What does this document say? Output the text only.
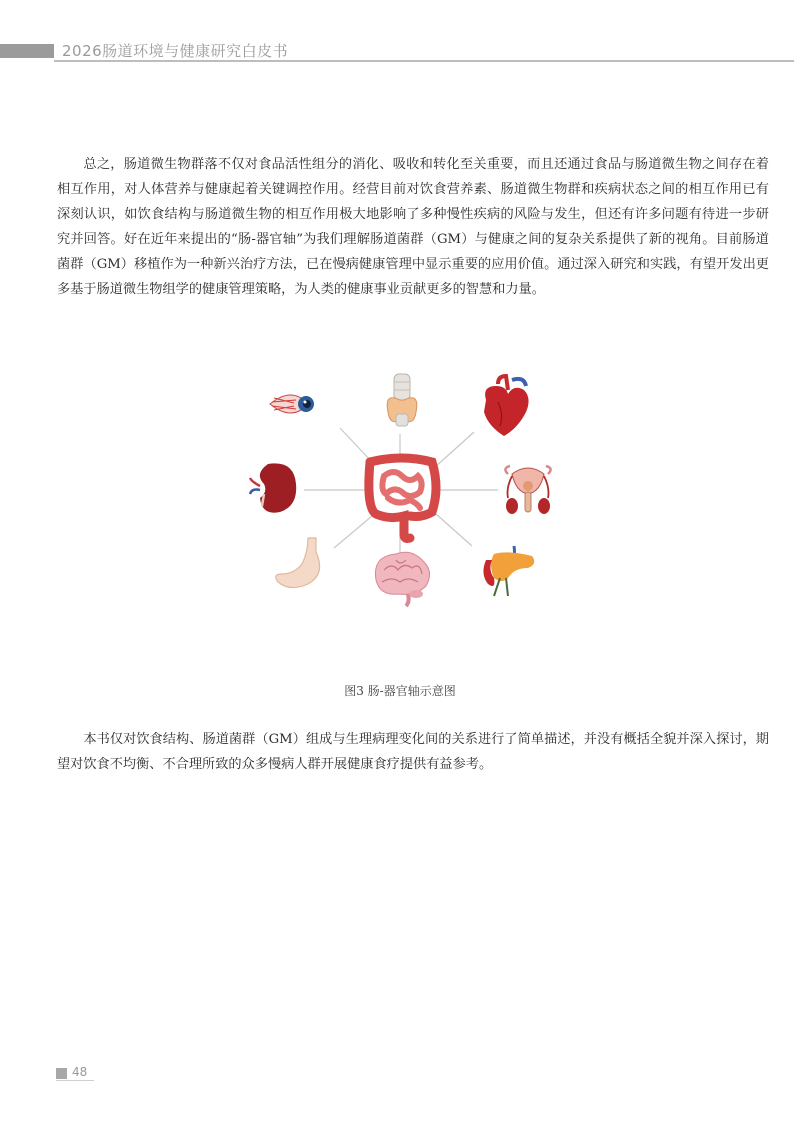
2026肠道环境与健康研究白皮书

总之，肠道微生物群落不仅对食品活性组分的消化、吸收和转化至关重要，而且还通过食品与肠道微生物之间存在着相互作用，对人体营养与健康起着关键调控作用。经营目前对饮食营养素、肠道微生物群和疾病状态之间的相互作用已有深刻认识，如饮食结构与肠道微生物的相互作用极大地影响了多种慢性疾病的风险与发生，但还有许多问题有待进一步研究并回答。好在近年来提出的“肠-器官轴”为我们理解肠道菌群（GM）与健康之间的复杂关系提供了新的视角。目前肠道菌群（GM）移植作为一种新兴治疗方法，已在慢病健康管理中显示重要的应用价值。通过深入研究和实践，有望开发出更多基于肠道微生物组学的健康管理策略，为人类的健康事业贡献更多的智慧和力量。

图3 肠-器官轴示意图

本书仅对饮食结构、肠道菌群（GM）组成与生理病理变化间的关系进行了简单描述，并没有概括全貌并深入探讨，期望对饮食不均衡、不合理所致的众多慢病人群开展健康食疗提供有益参考。

48
